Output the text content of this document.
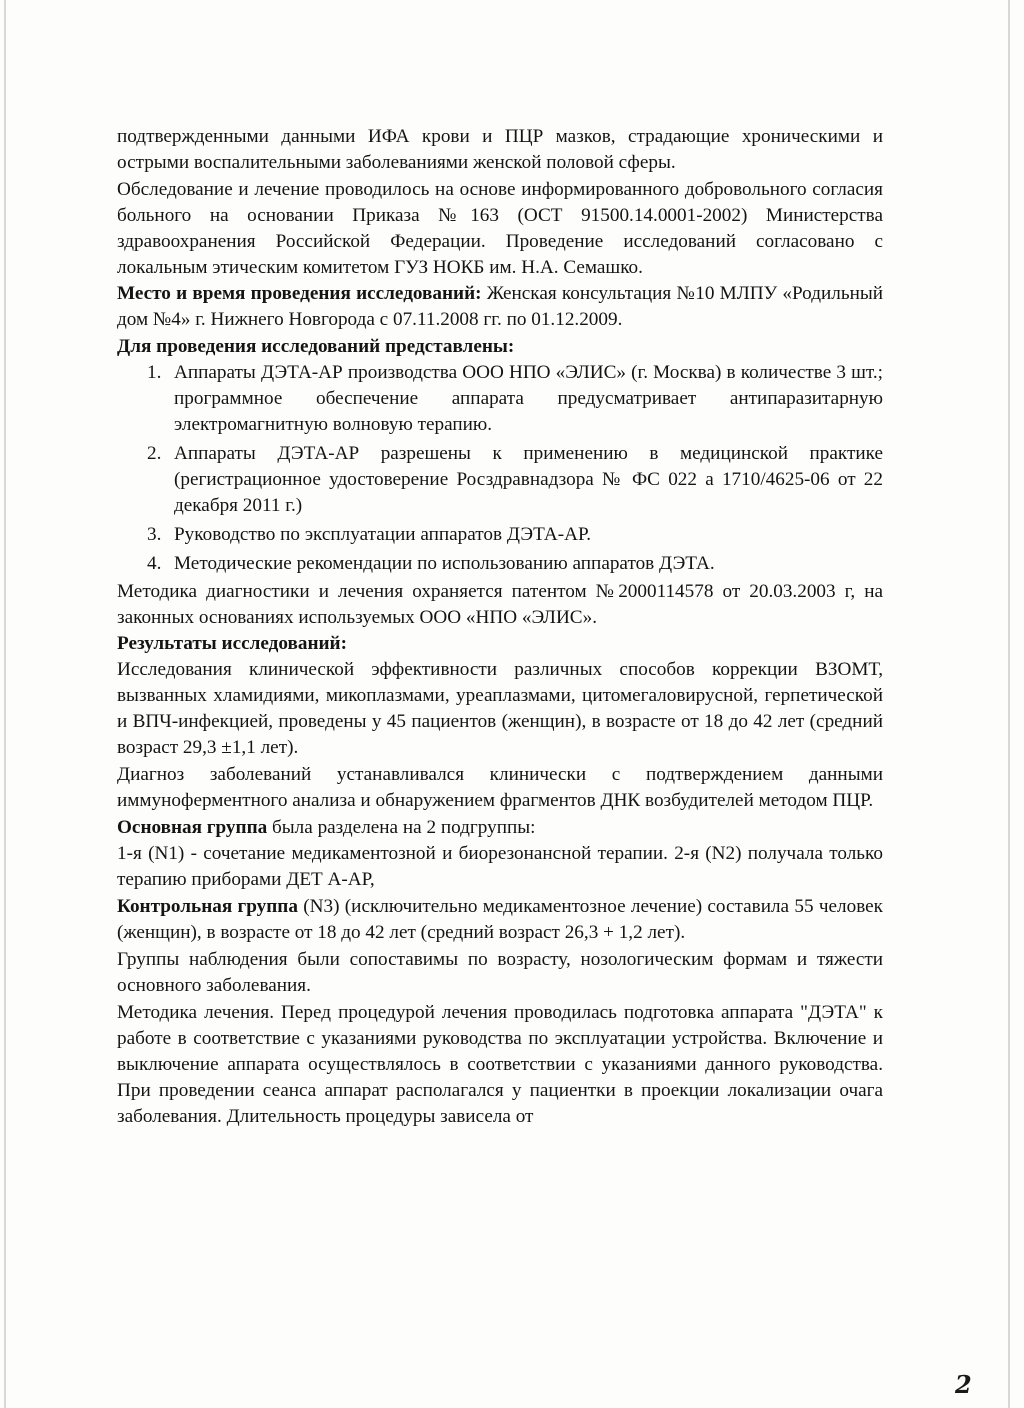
подтвержденными данными ИФА крови и ПЦР мазков, страдающие хроническими и острыми воспалительными заболеваниями женской половой сферы.

Обследование и лечение проводилось на основе информированного добровольного согласия больного на основании Приказа №163 (ОСТ 91500.14.0001-2002) Министерства здравоохранения Российской Федерации. Проведение исследований согласовано с локальным этическим комитетом ГУЗ НОКБ им. Н.А. Семашко.

Место и время проведения исследований: Женская консультация №10 МЛПУ «Родильный дом №4» г. Нижнего Новгорода с 07.11.2008 гг. по 01.12.2009.

Для проведения исследований представлены:

1. Аппараты ДЭТА-АР производства ООО НПО «ЭЛИС» (г. Москва) в количестве 3 шт.; программное обеспечение аппарата предусматривает антипаразитарную электромагнитную волновую терапию.
2. Аппараты ДЭТА-АР разрешены к применению в медицинской практике (регистрационное удостоверение Росздравнадзора № ФС 022 а 1710/4625-06 от 22 декабря 2011 г.)
3. Руководство по эксплуатации аппаратов ДЭТА-АР.
4. Методические рекомендации по использованию аппаратов ДЭТА.

Методика диагностики и лечения охраняется патентом №2000114578 от 20.03.2003 г, на законных основаниях используемых ООО «НПО «ЭЛИС».

Результаты исследований:

Исследования клинической эффективности различных способов коррекции ВЗОМТ, вызванных хламидиями, микоплазмами, уреаплазмами, цитомегаловирусной, герпетической и ВПЧ-инфекцией, проведены у 45 пациентов (женщин), в возрасте от 18 до 42 лет (средний возраст 29,3 ±1,1 лет).

Диагноз заболеваний устанавливался клинически с подтверждением данными иммуноферментного анализа и обнаружением фрагментов ДНК возбудителей методом ПЦР.

Основная группа была разделена на 2 подгруппы:

1-я (N1) - сочетание медикаментозной и биорезонансной терапии. 2-я (N2) получала только терапию приборами ДЕТ А-АР,

Контрольная группа (N3) (исключительно медикаментозное лечение) составила 55 человек (женщин), в возрасте от 18 до 42 лет (средний возраст 26,3 + 1,2 лет).

Группы наблюдения были сопоставимы по возрасту, нозологическим формам и тяжести основного заболевания.

Методика лечения. Перед процедурой лечения проводилась подготовка аппарата "ДЭТА" к работе в соответствие с указаниями руководства по эксплуатации устройства. Включение и выключение аппарата осуществлялось в соответствии с указаниями данного руководства. При проведении сеанса аппарат располагался у пациентки в проекции локализации очага заболевания. Длительность процедуры зависела от

2
